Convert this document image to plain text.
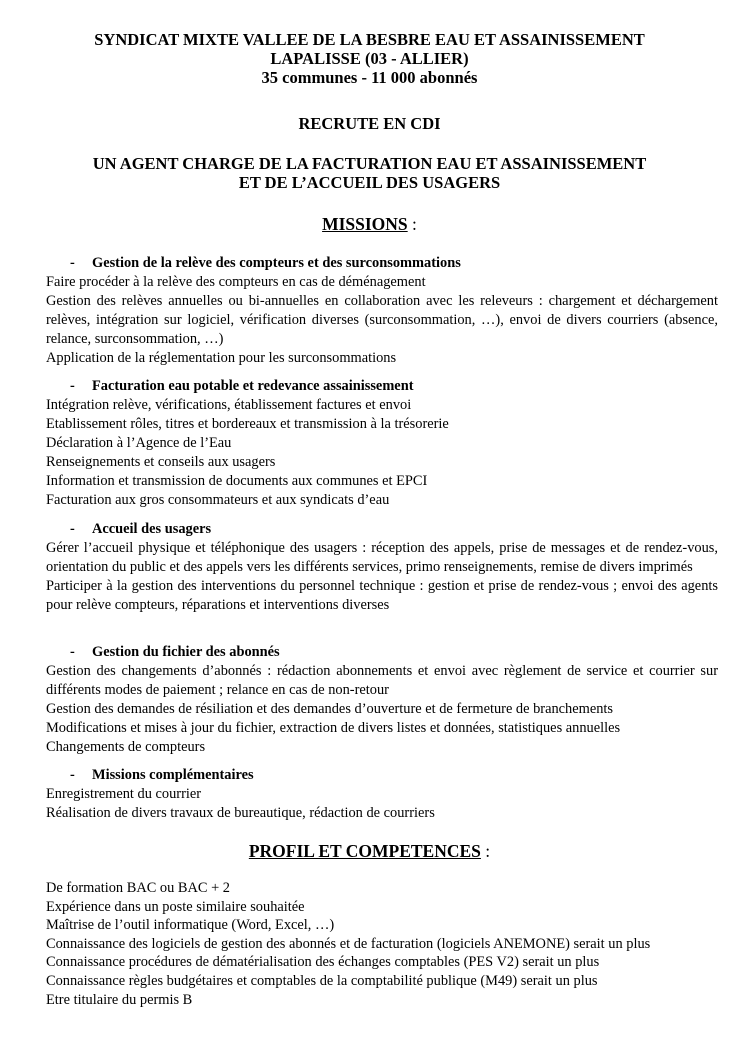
SYNDICAT MIXTE VALLEE DE LA BESBRE EAU ET ASSAINISSEMENT
LAPALISSE (03 - ALLIER)
35 communes - 11 000 abonnés
RECRUTE EN CDI
UN AGENT CHARGE DE LA FACTURATION EAU ET ASSAINISSEMENT
ET DE L’ACCUEIL DES USAGERS
MISSIONS :
- Gestion de la relève des compteurs et des surconsommations
Faire procéder à la relève des compteurs en cas de déménagement
Gestion des relèves annuelles ou bi-annuelles en collaboration avec les releveurs : chargement et déchargement relèves, intégration sur logiciel, vérification diverses (surconsommation, …), envoi de divers courriers (absence, relance, surconsommation, …)
Application de la réglementation pour les surconsommations
- Facturation eau potable et redevance assainissement
Intégration relève, vérifications, établissement factures et envoi
Etablissement rôles, titres et bordereaux et transmission à la trésorerie
Déclaration à l’Agence de l’Eau
Renseignements et conseils aux usagers
Information et transmission de documents aux communes et EPCI
Facturation aux gros consommateurs et aux syndicats d’eau
- Accueil des usagers
Gérer l’accueil physique et téléphonique des usagers : réception des appels, prise de messages et de rendez-vous, orientation du public et des appels vers les différents services, primo renseignements, remise de divers imprimés
Participer à la gestion des interventions du personnel technique : gestion et prise de rendez-vous ; envoi des agents pour relève compteurs, réparations et interventions diverses
- Gestion du fichier des abonnés
Gestion des changements d’abonnés : rédaction abonnements et envoi avec règlement de service et courrier sur différents modes de paiement ; relance en cas de non-retour
Gestion des demandes de résiliation et des demandes d’ouverture et de fermeture de branchements
Modifications et mises à jour du fichier, extraction de divers listes et données, statistiques annuelles
Changements de compteurs
- Missions complémentaires
Enregistrement du courrier
Réalisation de divers travaux de bureautique, rédaction de courriers
PROFIL ET COMPETENCES :
De formation BAC ou BAC + 2
Expérience dans un poste similaire souhaitée
Maîtrise de l’outil informatique (Word, Excel, …)
Connaissance des logiciels de gestion des abonnés et de facturation (logiciels ANEMONE) serait un plus
Connaissance procédures de dématérialisation des échanges comptables (PES V2) serait un plus
Connaissance règles budgétaires et comptables de la comptabilité publique (M49) serait un plus
Etre titulaire du permis B
